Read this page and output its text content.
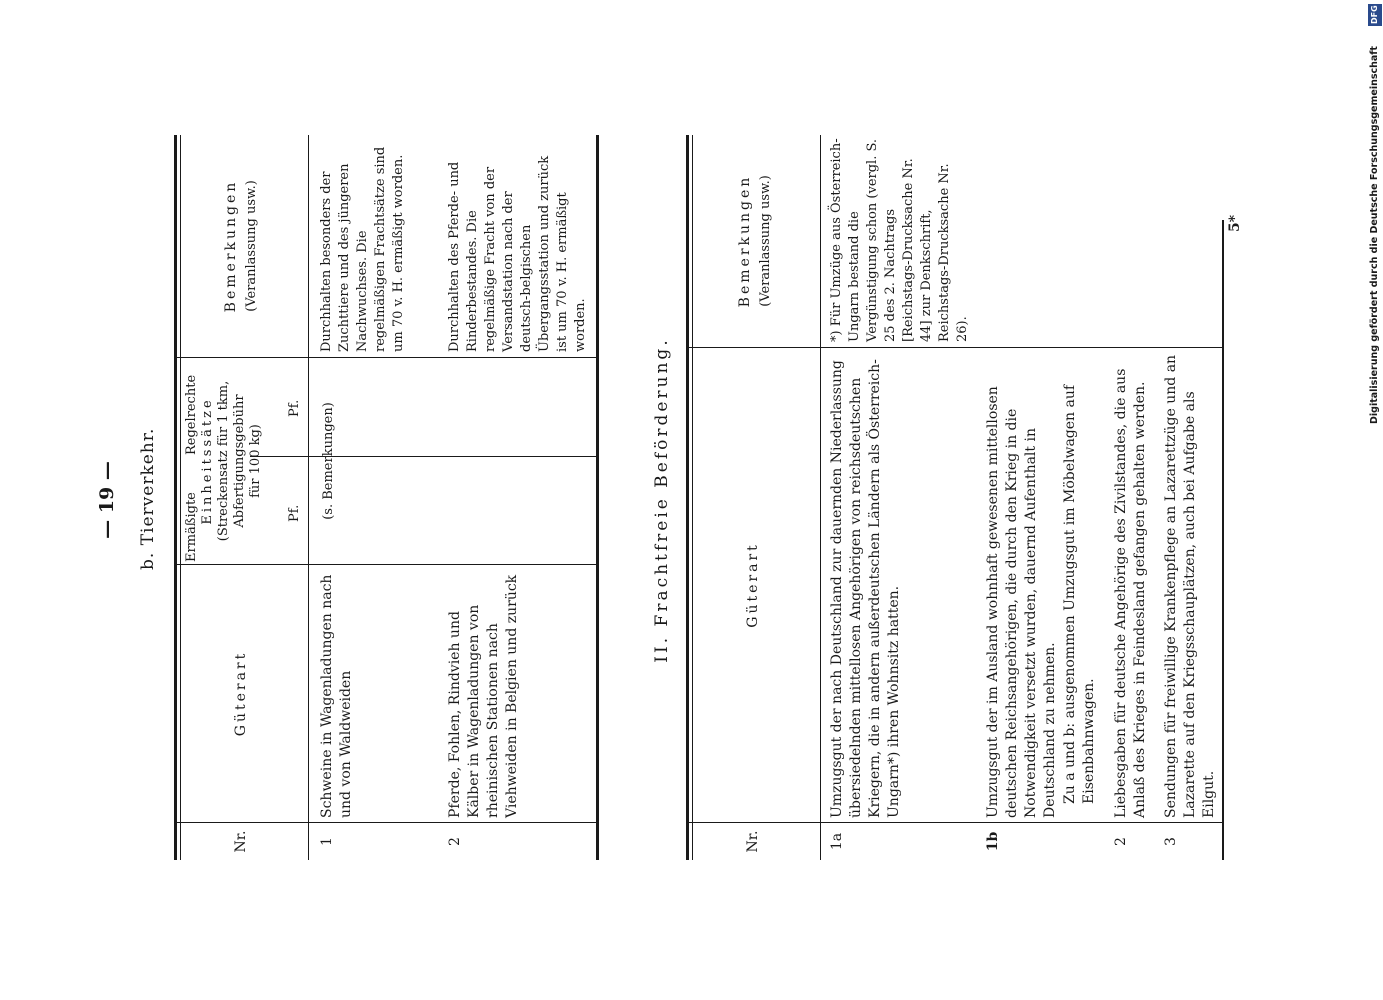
— 19 — b. Tierverkehr.
Nr.
Güterart
Ermäßigte
Regelrechte Einheitssätze (Streckensatz für 1 tkm, Abfertigungsgebühr für 100 kg)
Pf.
Pf.
Bemerkungen (Veranlassung usw.)
1
Schweine in Wagenladungen nach und von Waldweiden
(s. Bemerkungen)
Durchhalten besonders der Zuchttiere und des jüngeren Nachwuchses. Die regelmäßigen Frachtsätze sind um 70 v. H. ermäßigt worden.
2
Pferde, Fohlen, Rindvieh und Kälber in Wagenladungen von rheinischen Stationen nach Viehweiden in Belgien und zurück
Durchhalten des Pferde- und Rinderbestandes. Die regelmäßige Fracht von der Versandstation nach der deutsch-belgischen Übergangsstation und zurück ist um 70 v. H. ermäßigt worden.
II. Frachtfreie Beförderung.
Nr.
Güterart
Bemerkungen (Veranlassung usw.)
1a
Umzugsgut der nach Deutschland zur dauernden Niederlassung übersiedelnden mittellosen Angehörigen von reichsdeutschen Kriegern, die in andern außerdeutschen Ländern als Österreich-Ungarn*) ihren Wohnsitz hatten.
*) Für Umzüge aus Österreich-Ungarn bestand die Vergünstigung schon (vergl. S. 25 des 2. Nachtrags [Reichstags-Drucksache Nr. 44] zur Denkschrift, Reichstags-Drucksache Nr. 26).
1b
Umzugsgut der im Ausland wohnhaft gewesenen mittellosen deutschen Reichsangehörigen, die durch den Krieg in die Notwendigkeit versetzt wurden, dauernd Aufenthalt in Deutschland zu nehmen. Zu a und b: ausgenommen Umzugsgut im Möbelwagen auf Eisenbahnwagen.
2
Liebesgaben für deutsche Angehörige des Zivilstandes, die aus Anlaß des Krieges in Feindesland gefangen gehalten werden.
3
Sendungen für freiwillige Krankenpflege an Lazarettzüge und an Lazarette auf den Kriegsschauplätzen, auch bei Aufgabe als Eilgut.
5*
DFG
Digitalisierung gefördert durch die Deutsche Forschungsgemeinschaft
